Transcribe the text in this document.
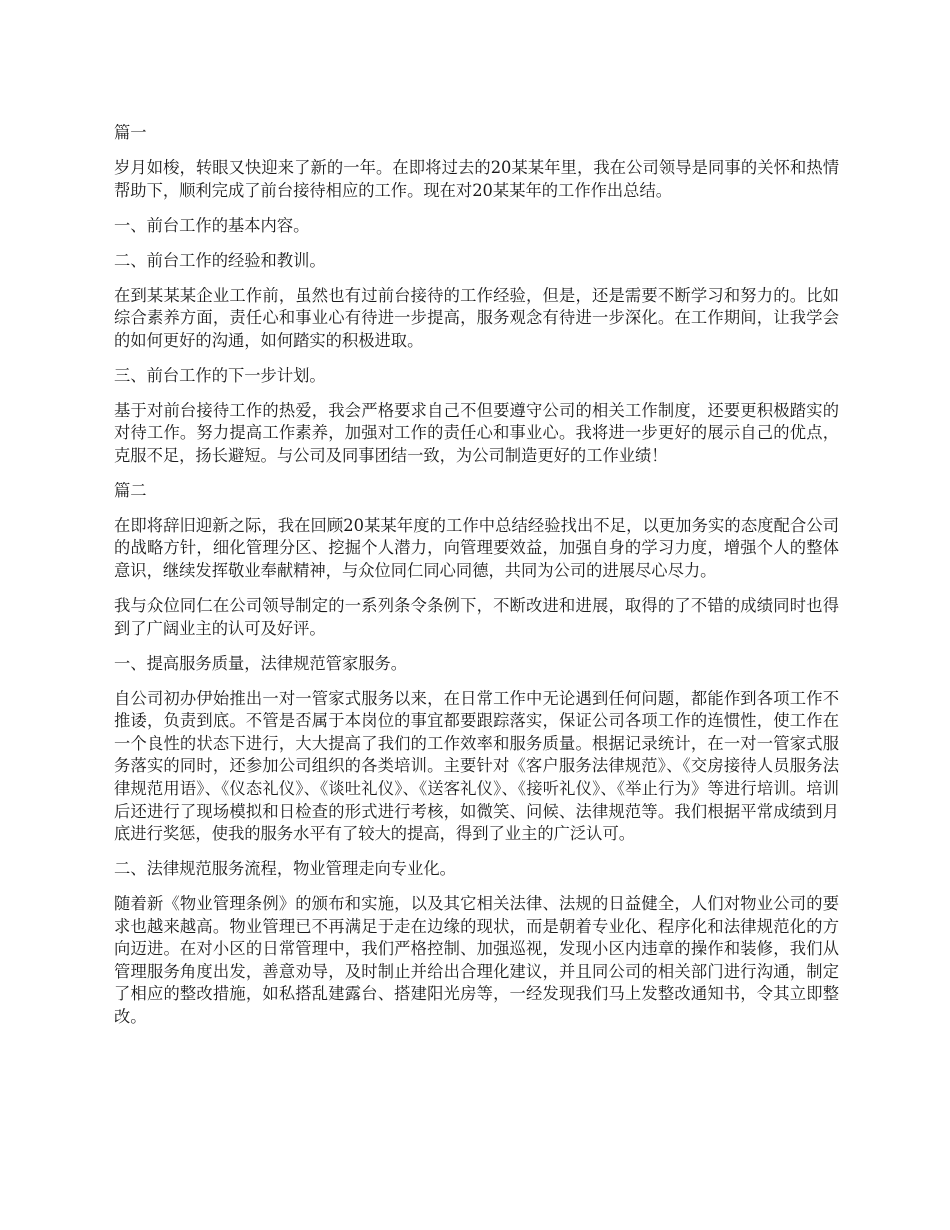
篇一

岁月如梭，转眼又快迎来了新的一年。在即将过去的20某某年里，我在公司领导是同事的关怀和热情帮助下，顺利完成了前台接待相应的工作。现在对20某某年的工作作出总结。

一、前台工作的基本内容。

二、前台工作的经验和教训。

在到某某某企业工作前，虽然也有过前台接待的工作经验，但是，还是需要不断学习和努力的。比如综合素养方面，责任心和事业心有待进一步提高，服务观念有待进一步深化。在工作期间，让我学会的如何更好的沟通，如何踏实的积极进取。

三、前台工作的下一步计划。

基于对前台接待工作的热爱，我会严格要求自己不但要遵守公司的相关工作制度，还要更积极踏实的对待工作。努力提高工作素养，加强对工作的责任心和事业心。我将进一步更好的展示自己的优点，克服不足，扬长避短。与公司及同事团结一致，为公司制造更好的工作业绩！

篇二

在即将辞旧迎新之际，我在回顾20某某年度的工作中总结经验找出不足，以更加务实的态度配合公司的战略方针，细化管理分区、挖掘个人潜力，向管理要效益，加强自身的学习力度，增强个人的整体意识，继续发挥敬业奉献精神，与众位同仁同心同德，共同为公司的进展尽心尽力。

我与众位同仁在公司领导制定的一系列条令条例下，不断改进和进展，取得的了不错的成绩同时也得到了广阔业主的认可及好评。

一、提高服务质量，法律规范管家服务。

自公司初办伊始推出一对一管家式服务以来，在日常工作中无论遇到任何问题，都能作到各项工作不推诿，负责到底。不管是否属于本岗位的事宜都要跟踪落实，保证公司各项工作的连惯性，使工作在一个良性的状态下进行，大大提高了我们的工作效率和服务质量。根据记录统计，在一对一管家式服务落实的同时，还参加公司组织的各类培训。主要针对《客户服务法律规范》、《交房接待人员服务法律规范用语》、《仪态礼仪》、《谈吐礼仪》、《送客礼仪》、《接听礼仪》、《举止行为》等进行培训。培训后还进行了现场模拟和日检查的形式进行考核，如微笑、问候、法律规范等。我们根据平常成绩到月底进行奖惩，使我的服务水平有了较大的提高，得到了业主的广泛认可。

二、法律规范服务流程，物业管理走向专业化。

随着新《物业管理条例》的颁布和实施，以及其它相关法律、法规的日益健全，人们对物业公司的要求也越来越高。物业管理已不再满足于走在边缘的现状，而是朝着专业化、程序化和法律规范化的方向迈进。在对小区的日常管理中，我们严格控制、加强巡视，发现小区内违章的操作和装修，我们从管理服务角度出发，善意劝导，及时制止并给出合理化建议，并且同公司的相关部门进行沟通，制定了相应的整改措施，如私搭乱建露台、搭建阳光房等，一经发现我们马上发整改通知书，令其立即整改。
